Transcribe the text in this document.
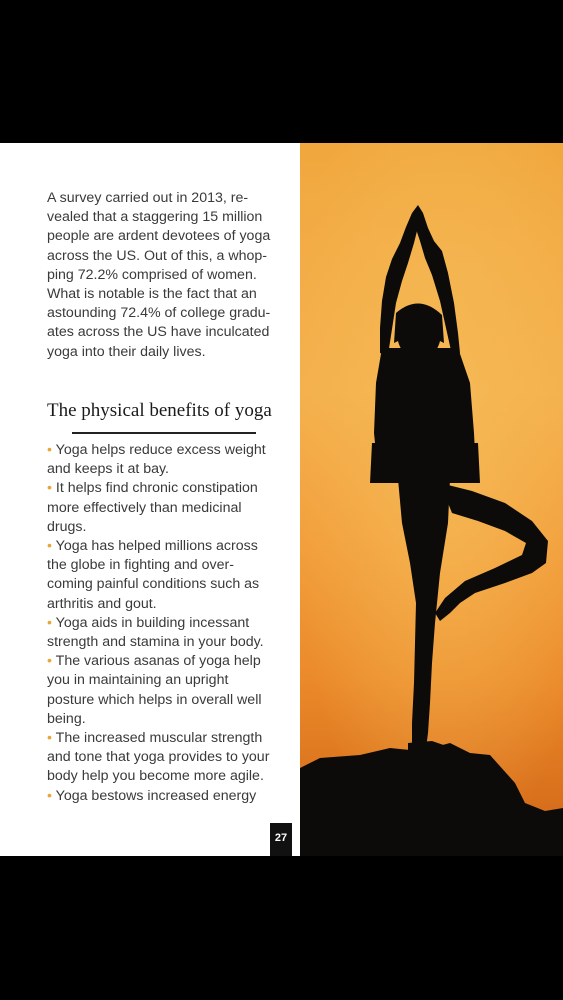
A survey carried out in 2013, re-
vealed that a staggering 15 million
people are ardent devotees of yoga
across the US. Out of this, a whop-
ping 72.2% comprised of women.
What is notable is the fact that an
astounding 72.4% of college gradu-
ates across the US have inculcated
yoga into their daily lives.

The physical benefits of yoga
• Yoga helps reduce excess weight
and keeps it at bay.
• It helps find chronic constipation
more effectively than medicinal
drugs.
• Yoga has helped millions across
the globe in fighting and over-
coming painful conditions such as
arthritis and gout.
• Yoga aids in building incessant
strength and stamina in your body.
• The various asanas of yoga help
you in maintaining an upright
posture which helps in overall well
being.
• The increased muscular strength
and tone that yoga provides to your
body help you become more agile.
• Yoga bestows increased energy
27
